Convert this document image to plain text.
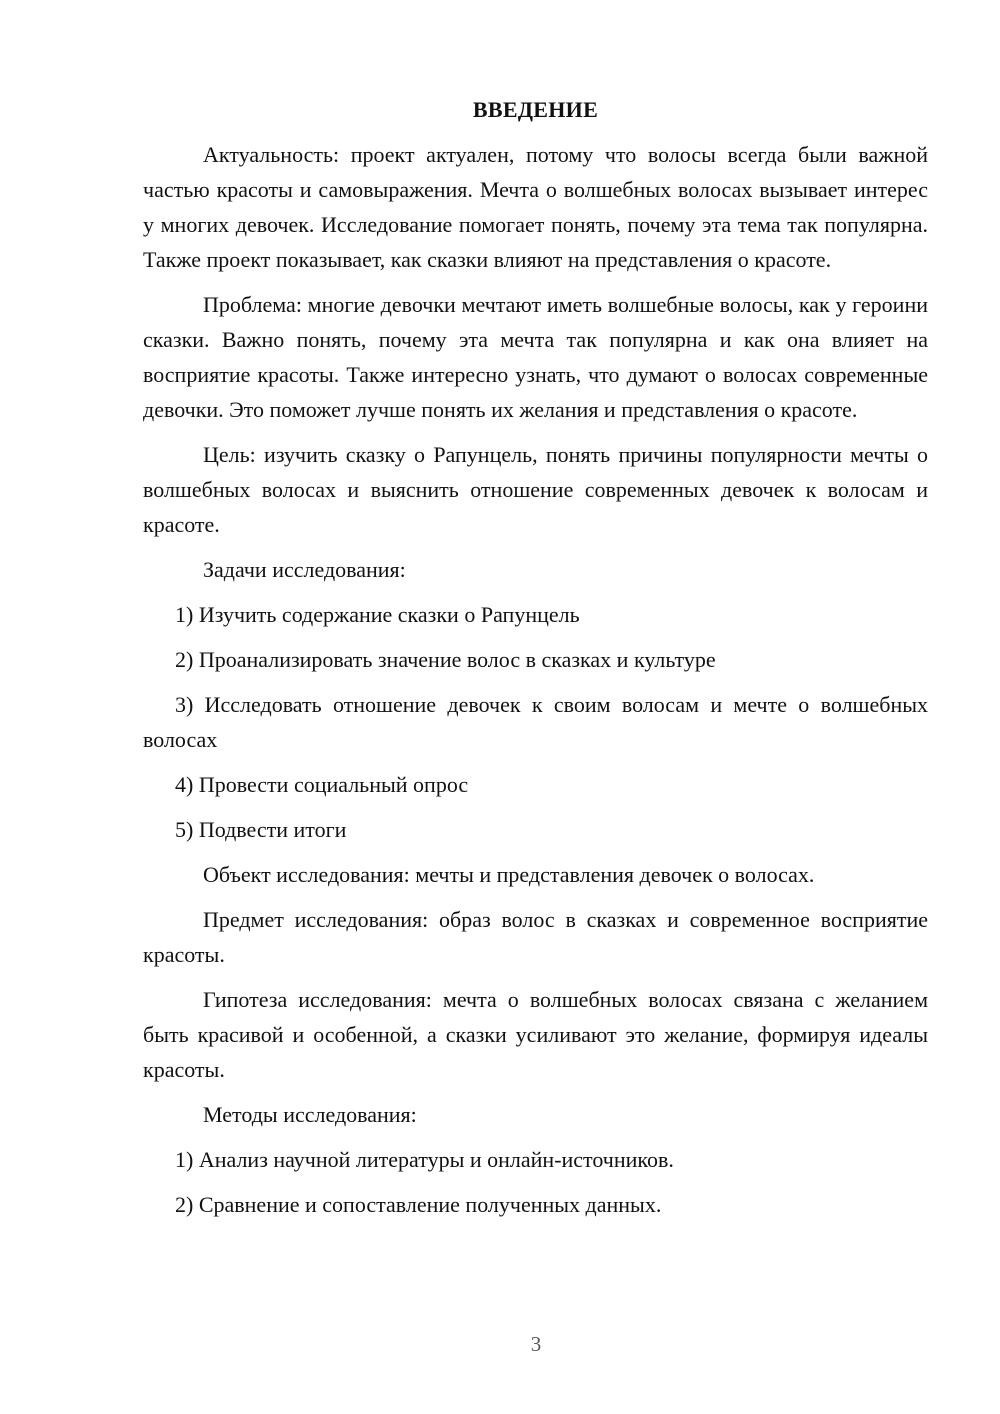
ВВЕДЕНИЕ

Актуальность: проект актуален, потому что волосы всегда были важной частью красоты и самовыражения. Мечта о волшебных волосах вызывает интерес у многих девочек. Исследование помогает понять, почему эта тема так популярна. Также проект показывает, как сказки влияют на представления о красоте.

Проблема: многие девочки мечтают иметь волшебные волосы, как у героини сказки. Важно понять, почему эта мечта так популярна и как она влияет на восприятие красоты. Также интересно узнать, что думают о волосах современные девочки. Это поможет лучше понять их желания и представления о красоте.

Цель: изучить сказку о Рапунцель, понять причины популярности мечты о волшебных волосах и выяснить отношение современных девочек к волосам и красоте.

Задачи исследования:

1) Изучить содержание сказки о Рапунцель

2) Проанализировать значение волос в сказках и культуре

3) Исследовать отношение девочек к своим волосам и мечте о волшебных волосах

4) Провести социальный опрос

5) Подвести итоги

Объект исследования: мечты и представления девочек о волосах.

Предмет исследования: образ волос в сказках и современное восприятие красоты.

Гипотеза исследования: мечта о волшебных волосах связана с желанием быть красивой и особенной, а сказки усиливают это желание, формируя идеалы красоты.

Методы исследования:

1) Анализ научной литературы и онлайн-источников.

2) Сравнение и сопоставление полученных данных.

3
